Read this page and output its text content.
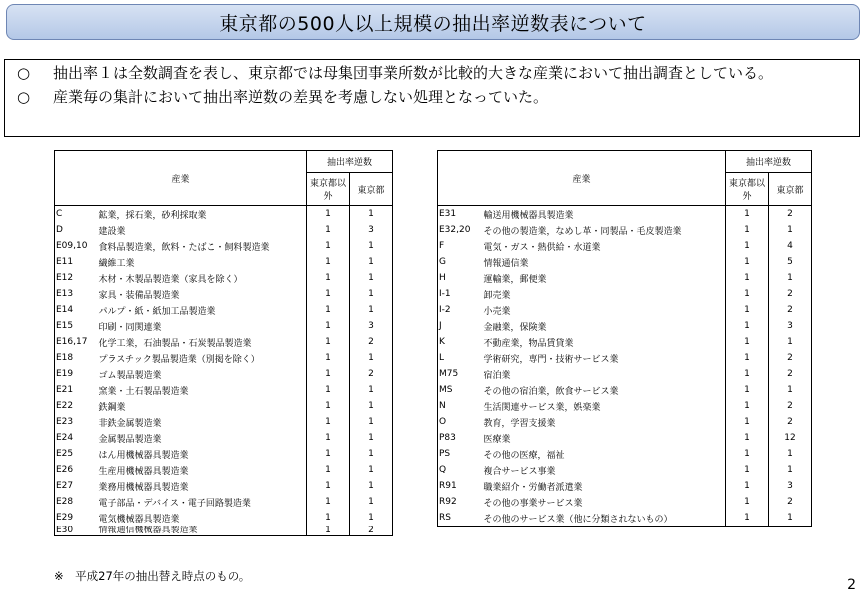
東京都の500人以上規模の抽出率逆数表について
○	抽出率１は全数調査を表し、東京都では母集団事業所数が比較的大きな産業において抽出調査としている。
○	産業毎の集計において抽出率逆数の差異を考慮しない処理となっていた。
産業		抽出率逆数	
		東京都以外	東京都
C	鉱業，採石業，砂利採取業	1	1
D	建設業	1	3
E09,10	食料品製造業，飲料・たばこ・飼料製造業	1	1
E11	繊維工業	1	1
E12	木材・木製品製造業（家具を除く）	1	1
E13	家具・装備品製造業	1	1
E14	パルプ・紙・紙加工品製造業	1	1
E15	印刷・同関連業	1	3
E16,17	化学工業，石油製品・石炭製品製造業	1	2
E18	プラスチック製品製造業（別掲を除く）	1	1
E19	ゴム製品製造業	1	2
E21	窯業・土石製品製造業	1	1
E22	鉄鋼業	1	1
E23	非鉄金属製造業	1	1
E24	金属製品製造業	1	1
E25	はん用機械器具製造業	1	1
E26	生産用機械器具製造業	1	1
E27	業務用機械器具製造業	1	1
E28	電子部品・デバイス・電子回路製造業	1	1
E29	電気機械器具製造業	1	1
E30	情報通信機械器具製造業	1	2
産業		抽出率逆数	
		東京都以外	東京都
E31	輸送用機械器具製造業	1	2
E32,20	その他の製造業，なめし革・同製品・毛皮製造業	1	1
F	電気・ガス・熱供給・水道業	1	4
G	情報通信業	1	5
H	運輸業，郵便業	1	1
I-1	卸売業	1	2
I-2	小売業	1	2
J	金融業，保険業	1	3
K	不動産業，物品賃貸業	1	1
L	学術研究，専門・技術サービス業	1	2
M75	宿泊業	1	2
MS	その他の宿泊業，飲食サービス業	1	1
N	生活関連サービス業，娯楽業	1	2
O	教育，学習支援業	1	2
P83	医療業	1	12
PS	その他の医療，福祉	1	1
Q	複合サービス事業	1	1
R91	職業紹介・労働者派遣業	1	3
R92	その他の事業サービス業	1	2
RS	その他のサービス業（他に分類されないもの）	1	1
※　平成27年の抽出替え時点のもの。
2
